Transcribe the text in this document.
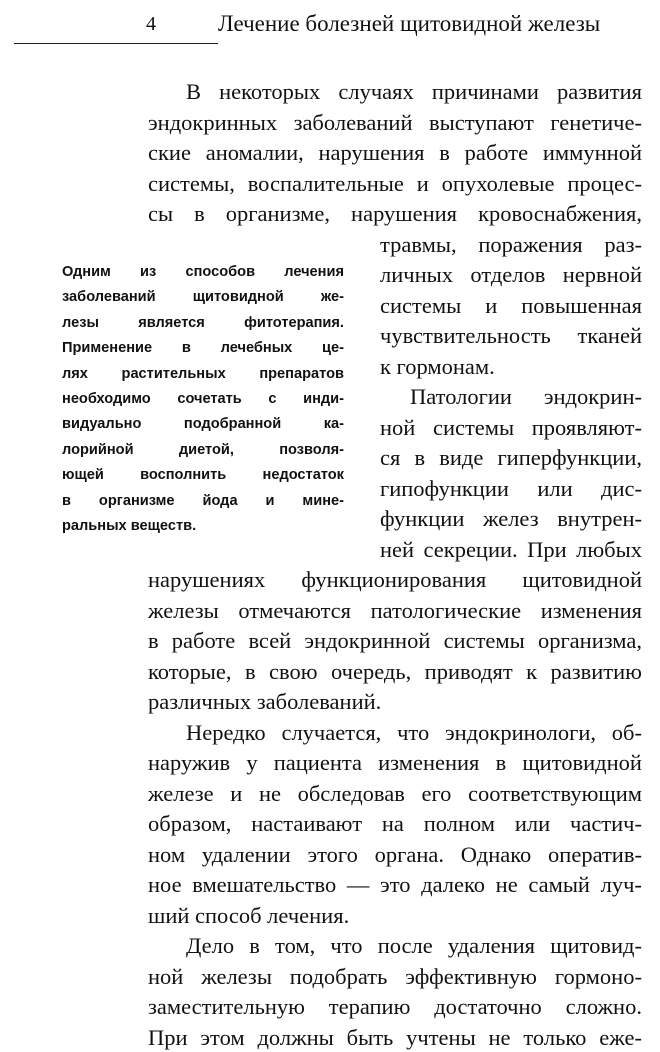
4	Лечение болезней щитовидной железы
Одним из способов лечения
заболеваний	щитовидной	же-
лезы	является	фитотерапия.
Применение в лечебных це-
лях растительных препаратов
необходимо сочетать с инди-
видуально	подобранной	ка-
лорийной	диетой,	позволя-
ющей восполнить недостаток
в организме йода и мине-
ральных веществ.
В некоторых случаях причинами развития
эндокринных заболеваний выступают генетиче-
ские аномалии, нарушения в работе иммунной
системы, воспалительные и опухолевые процес-
сы в организме, нарушения кровоснабжения,
травмы, поражения раз-
личных отделов нервной
системы и повышенная
чувствительность тканей
к гормонам.
Патологии эндокрин-
ной системы проявляют-
ся в виде гиперфункции,
гипофункции или дис-
функции желез внутрен-
ней секреции. При любых
нарушениях функционирования щитовидной
железы отмечаются патологические изменения
в работе всей эндокринной системы организма,
которые, в свою очередь, приводят к развитию
различных заболеваний.
Нередко случается, что эндокринологи, об-
наружив у пациента изменения в щитовидной
железе и не обследовав его соответствующим
образом, настаивают на полном или частич-
ном удалении этого органа. Однако оператив-
ное вмешательство — это далеко не самый луч-
ший способ лечения.
Дело в том, что после удаления щитовид-
ной железы подобрать эффективную гормоно-
заместительную терапию достаточно сложно.
При этом должны быть учтены не только еже-
